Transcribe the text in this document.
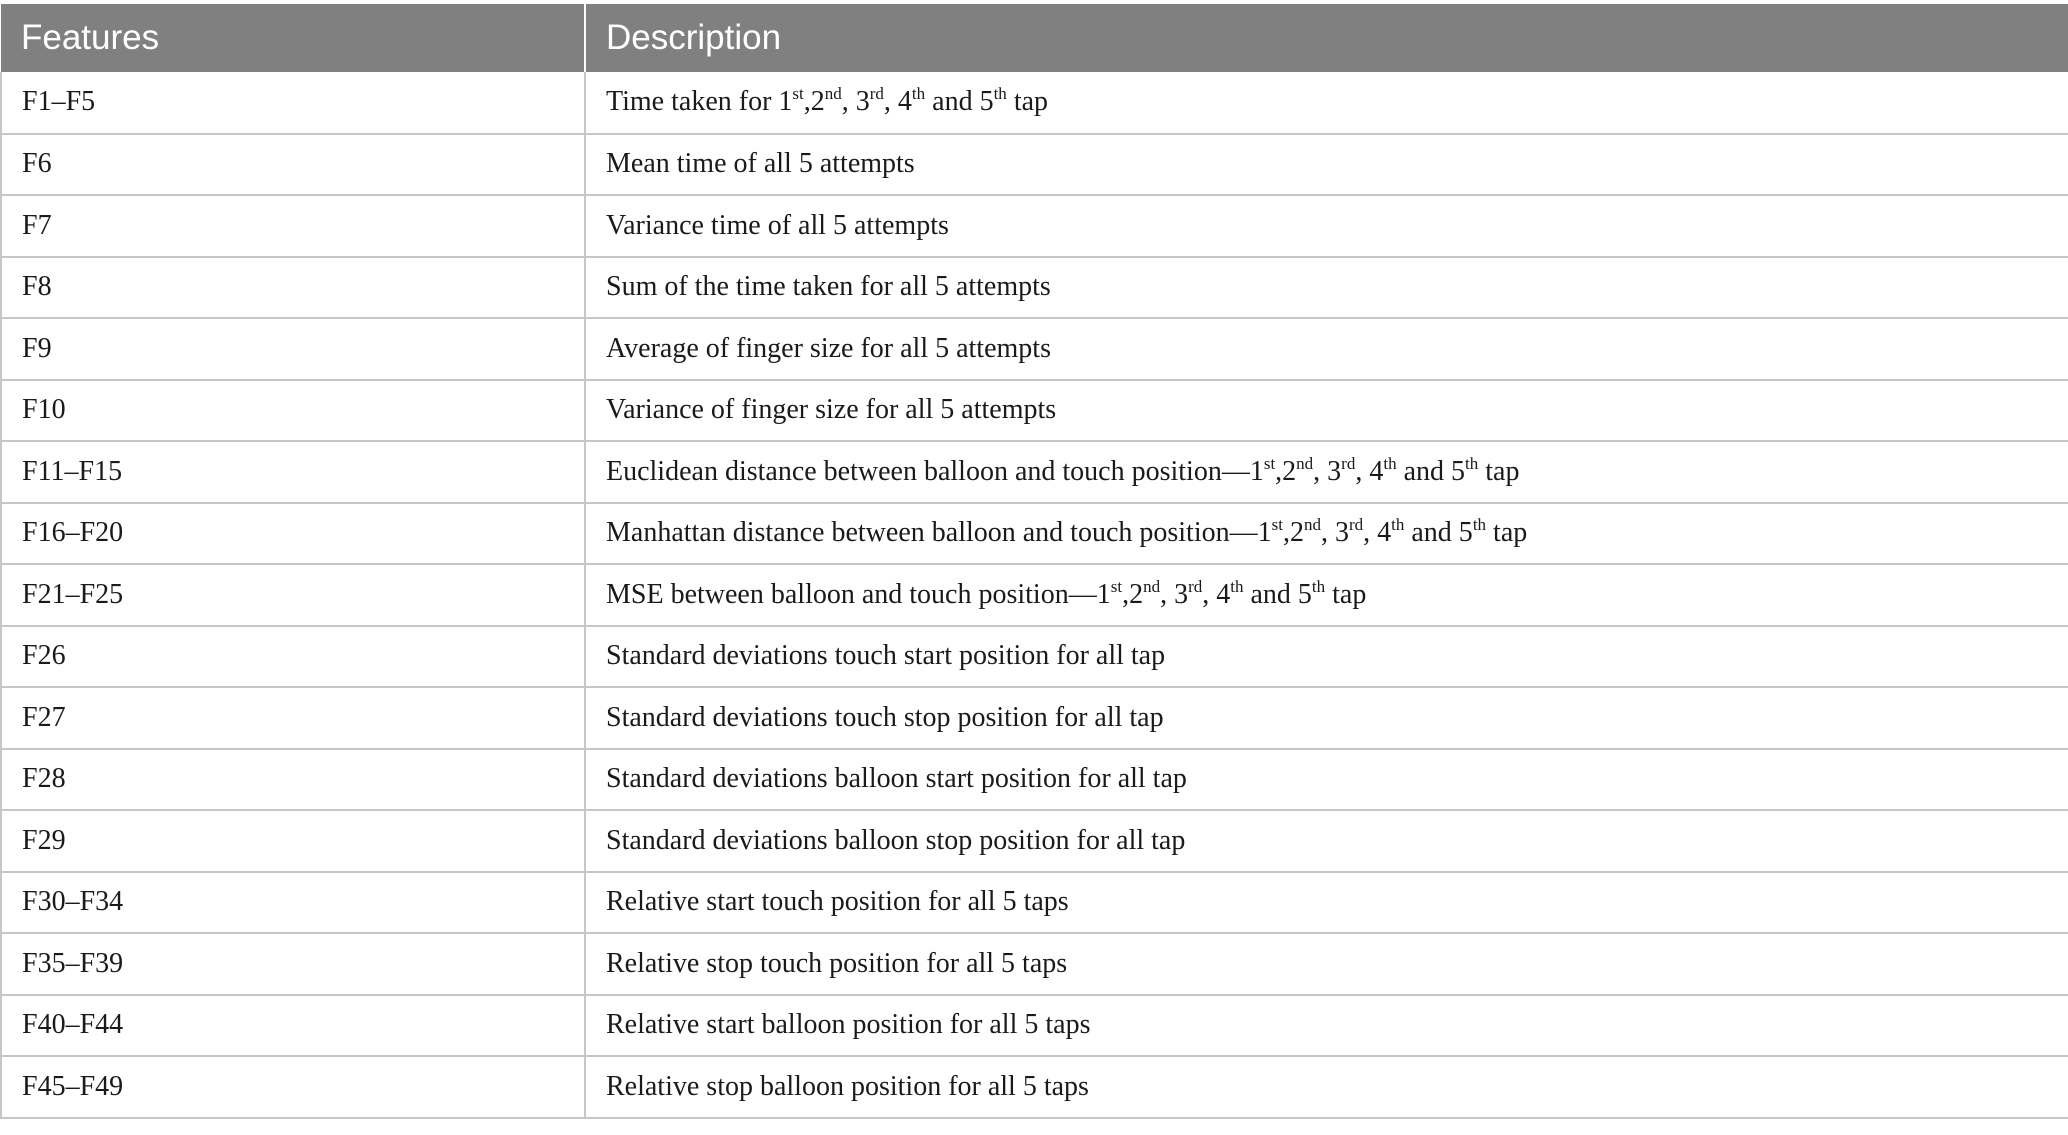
Features	Description
F1–F5	Time taken for 1st,2nd, 3rd, 4th and 5th tap
F6	Mean time of all 5 attempts
F7	Variance time of all 5 attempts
F8	Sum of the time taken for all 5 attempts
F9	Average of finger size for all 5 attempts
F10	Variance of finger size for all 5 attempts
F11–F15	Euclidean distance between balloon and touch position—1st,2nd, 3rd, 4th and 5th tap
F16–F20	Manhattan distance between balloon and touch position—1st,2nd, 3rd, 4th and 5th tap
F21–F25	MSE between balloon and touch position—1st,2nd, 3rd, 4th and 5th tap
F26	Standard deviations touch start position for all tap
F27	Standard deviations touch stop position for all tap
F28	Standard deviations balloon start position for all tap
F29	Standard deviations balloon stop position for all tap
F30–F34	Relative start touch position for all 5 taps
F35–F39	Relative stop touch position for all 5 taps
F40–F44	Relative start balloon position for all 5 taps
F45–F49	Relative stop balloon position for all 5 taps
